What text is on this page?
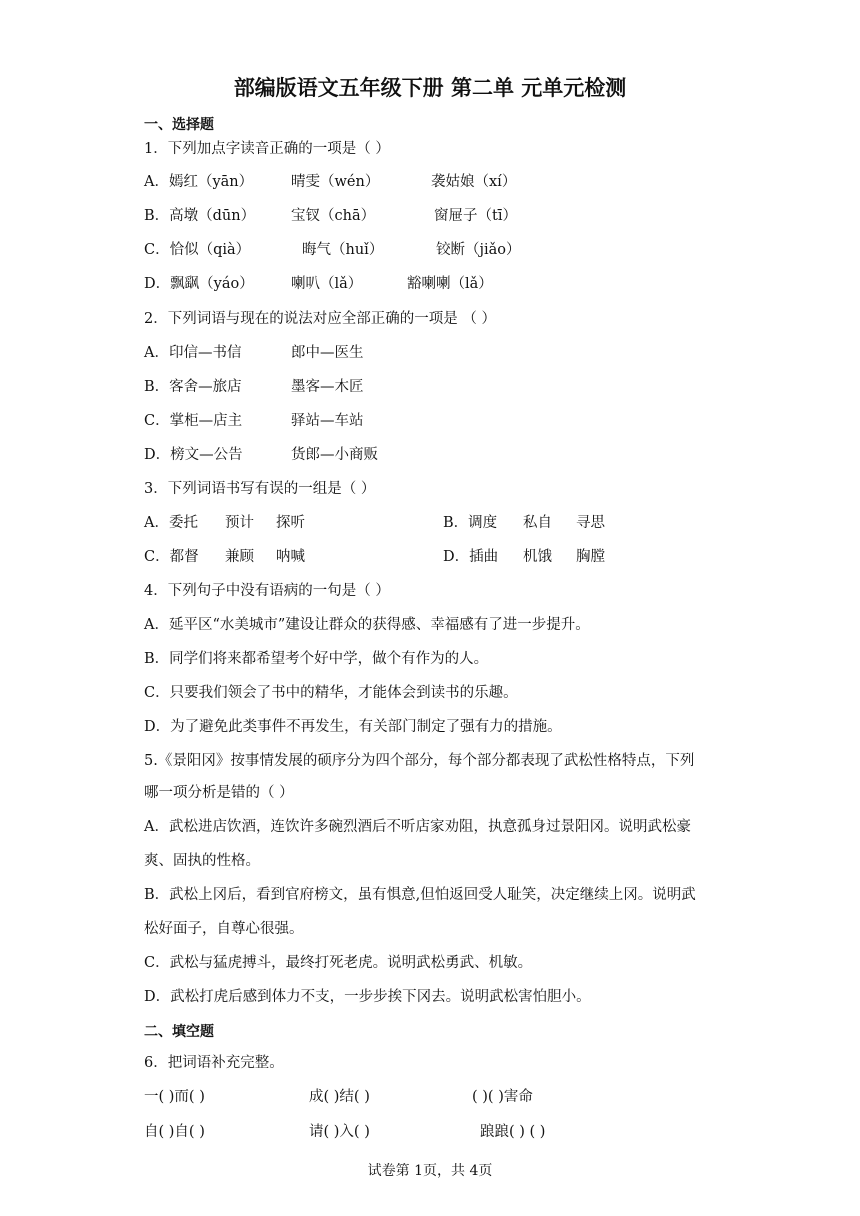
部编版语文五年级下册 第二单 元单元检测
一、选择题
1．下列加点字读音正确的一项是（ ）
A．嫣红（yān）	晴雯（wén）	袭姑娘（xí）
B．高墩（dūn） 宝钗（chā）	窗屉子（tī）
C．恰似（qià）	晦气（huǐ）	铰断（jiǎo）
D．飘飖（yáo）	喇叭（lǎ）	豁喇喇（lǎ）
2．下列词语与现在的说法对应全部正确的一项是 （ ）
A．印信—书信	郎中—医生
B．客舍—旅店	墨客—木匠
C．掌柜—店主	驿站—车站
D．榜文—公告	货郎—小商贩
3．下列词语书写有误的一组是（ ）
A．委托 预计 探听	B．调度 私自 寻思
C．都督 兼顾 呐喊	D．插曲 机饿 胸膛
4．下列句子中没有语病的一句是（ ）
A．延平区“水美城市”建设让群众的获得感、幸福感有了进一步提升。
B．同学们将来都希望考个好中学，做个有作为的人。
C．只要我们领会了书中的精华，才能体会到读书的乐趣。
D．为了避免此类事件不再发生，有关部门制定了强有力的措施。
5.《景阳冈》按事情发展的硕序分为四个部分，每个部分都表现了武松性格特点，下列
哪一项分析是错的（ ）
A．武松进店饮酒，连饮许多碗烈酒后不听店家劝阻，执意孤身过景阳冈。说明武松豪
爽、固执的性格。
B．武松上冈后，看到官府榜文，虽有惧意,但怕返回受人耻笑，决定继续上冈。说明武
松好面子，自尊心很强。
C．武松与猛虎搏斗，最终打死老虎。说明武松勇武、机敏。
D．武松打虎后感到体力不支，一步步挨下冈去。说明武松害怕胆小。
二、填空题
6．把词语补充完整。
一( )而( )	成( )结( )	( )( )害命
自( )自( )	请( )入( )	踉踉( ) ( )
试卷第 1页，共 4页
